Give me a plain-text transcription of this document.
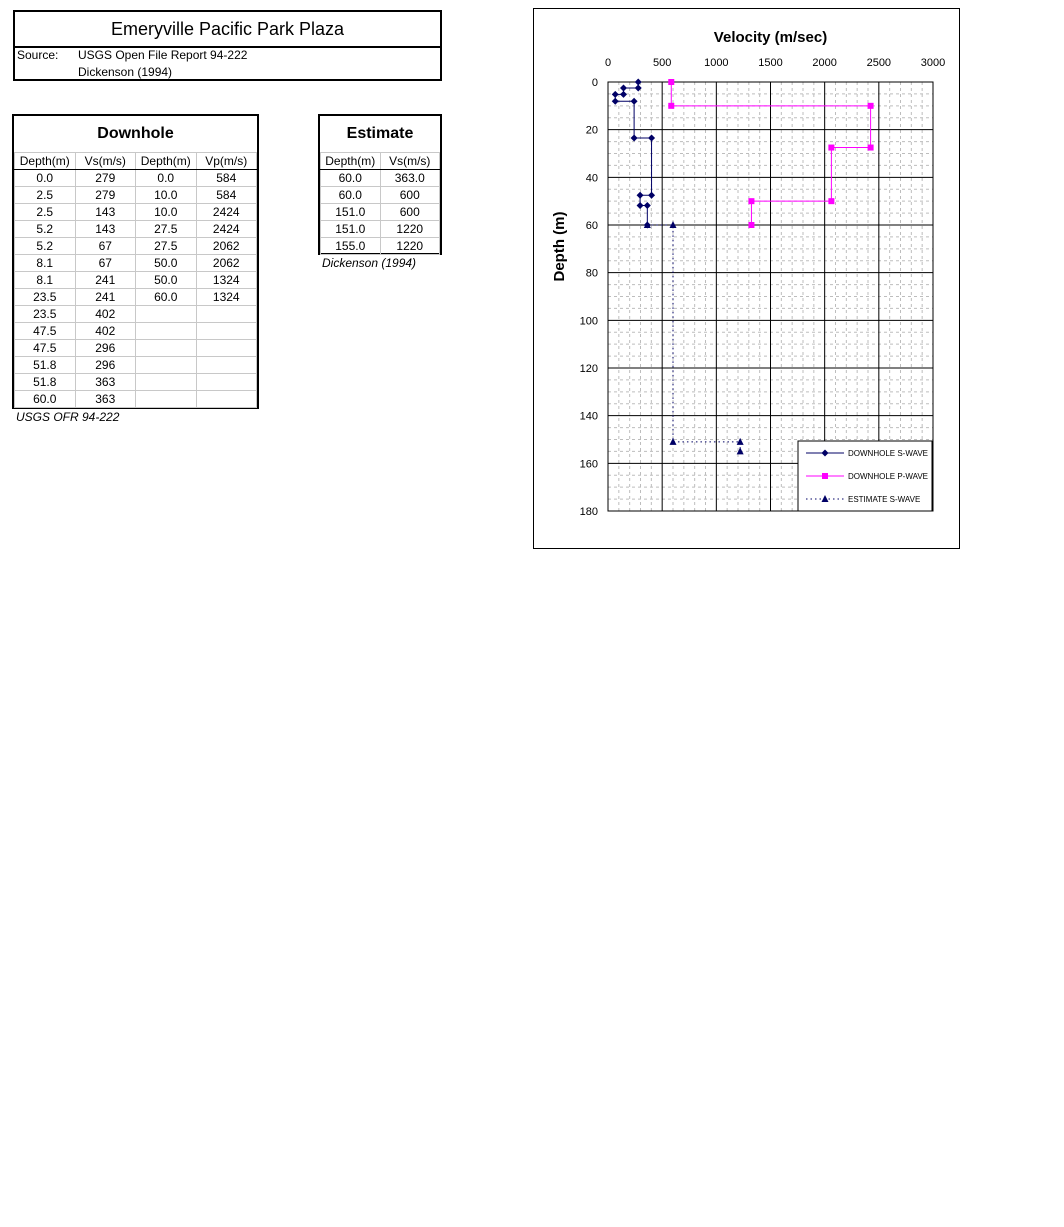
Emeryville Pacific Park Plaza
Source: USGS Open File Report 94-222
Dickenson (1994)
Downhole
Depth(m)	Vs(m/s)	Depth(m)	Vp(m/s)
0.0	279	0.0	584
2.5	279	10.0	584
2.5	143	10.0	2424
5.2	143	27.5	2424
5.2	67	27.5	2062
8.1	67	50.0	2062
8.1	241	50.0	1324
23.5	241	60.0	1324
23.5	402		
47.5	402		
47.5	296		
51.8	296		
51.8	363		
60.0	363		
USGS OFR 94-222
Estimate
Depth(m)	Vs(m/s)
60.0	363.0
60.0	600
151.0	600
151.0	1220
155.0	1220
Dickenson (1994)
0	500	1000	1500	2000	2500	3000
0
20
40
60
80
100
120
140
160
180
Velocity (m/sec)
Depth (m)
DOWNHOLE S-WAVE
DOWNHOLE P-WAVE
ESTIMATE S-WAVE
